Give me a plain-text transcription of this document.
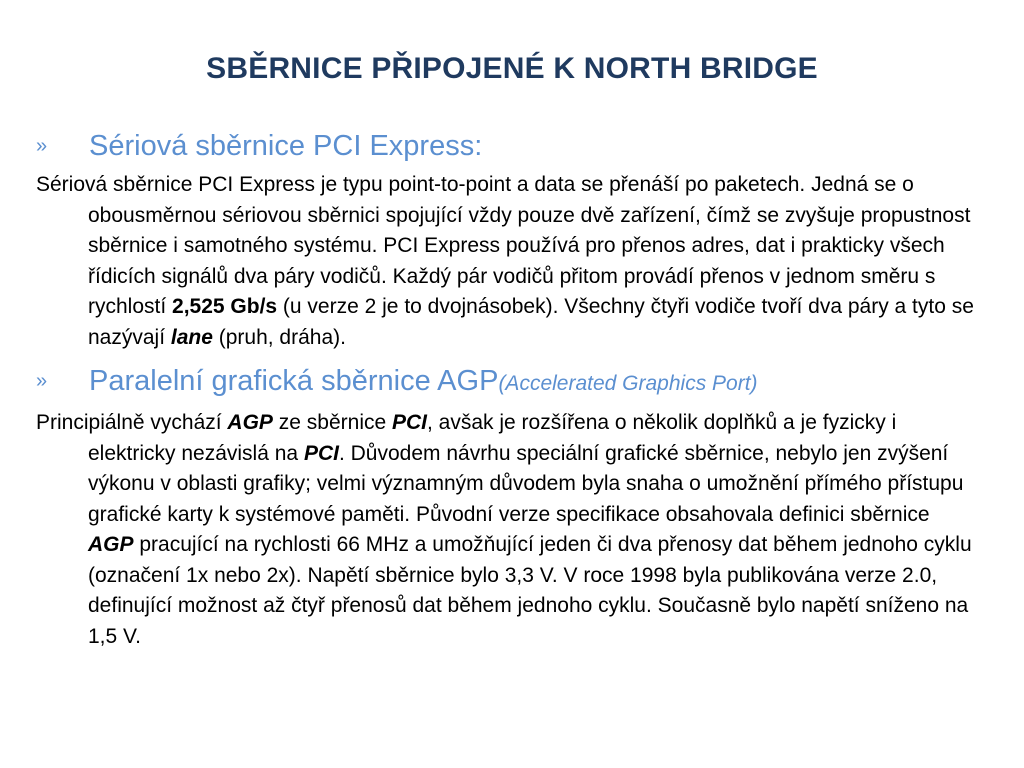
SBĚRNICE PŘIPOJENÉ K NORTH BRIDGE
» Sériová sběrnice PCI Express:

Sériová sběrnice PCI Express je typu point-to-point a data se přenáší po paketech. Jedná se o obousměrnou sériovou sběrnici spojující vždy pouze dvě zařízení, čímž se zvyšuje propustnost sběrnice i samotného systému. PCI Express používá pro přenos adres, dat i prakticky všech řídicích signálů dva páry vodičů. Každý pár vodičů přitom provádí přenos v jednom směru s rychlostí 2,525 Gb/s (u verze 2 je to dvojnásobek). Všechny čtyři vodiče tvoří dva páry a tyto se nazývají lane (pruh, dráha).

» Paralelní grafická sběrnice AGP(Accelerated Graphics Port)

Principiálně vychází AGP ze sběrnice PCI, avšak je rozšířena o několik doplňků a je fyzicky i elektricky nezávislá na PCI. Důvodem návrhu speciální grafické sběrnice, nebylo jen zvýšení výkonu v oblasti grafiky; velmi významným důvodem byla snaha o umožnění přímého přístupu grafické karty k systémové paměti. Původní verze specifikace obsahovala definici sběrnice AGP pracující na rychlosti 66 MHz a umožňující jeden či dva přenosy dat během jednoho cyklu (označení 1x nebo 2x). Napětí sběrnice bylo 3,3 V. V roce 1998 byla publikována verze 2.0, definující možnost až čtyř přenosů dat během jednoho cyklu. Současně bylo napětí sníženo na 1,5 V.
